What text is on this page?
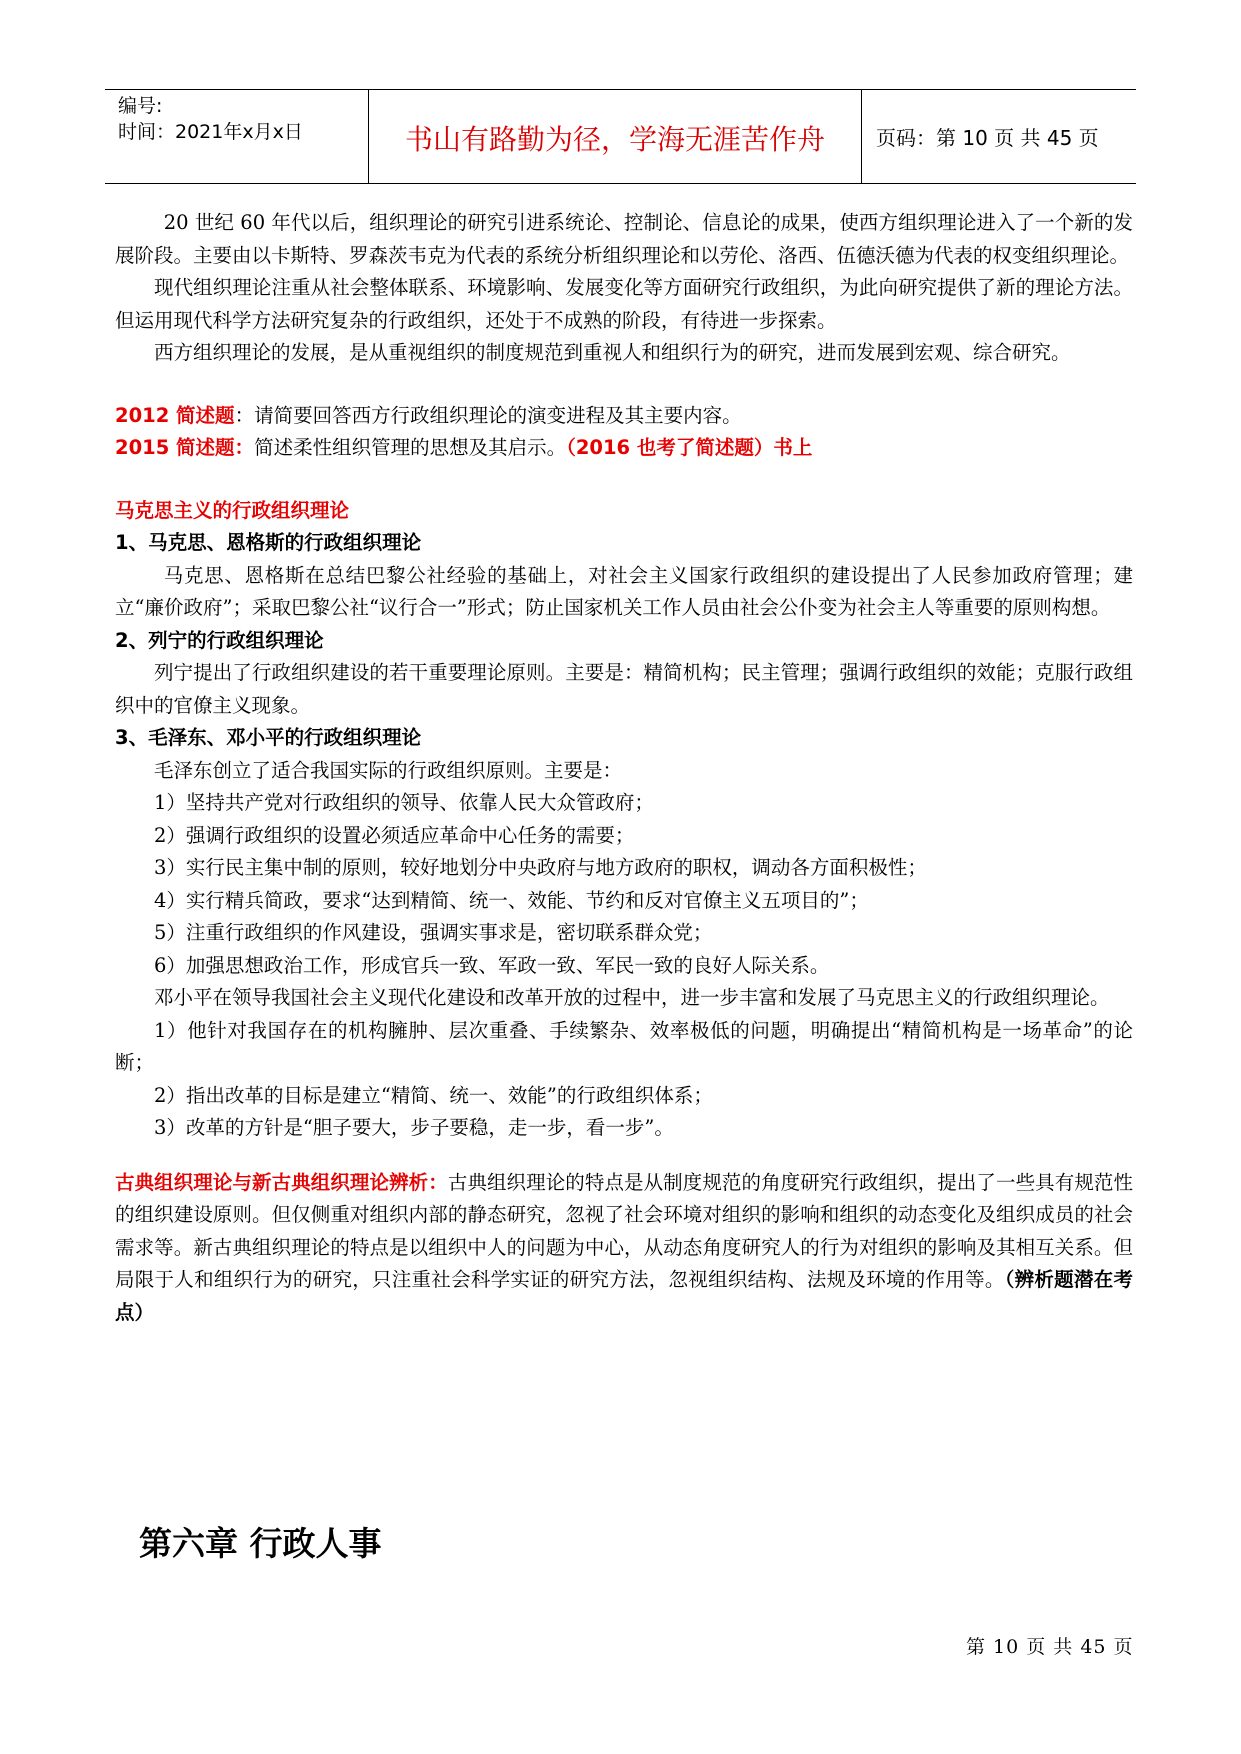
编号:
时间：2021年x月x日	书山有路勤为径，学海无涯苦作舟	页码：第 10 页 共 45 页

20 世纪 60 年代以后，组织理论的研究引进系统论、控制论、信息论的成果，使西方组织理论进入了一个新的发展阶段。主要由以卡斯特、罗森茨韦克为代表的系统分析组织理论和以劳伦、洛西、伍德沃德为代表的权变组织理论。

现代组织理论注重从社会整体联系、环境影响、发展变化等方面研究行政组织，为此向研究提供了新的理论方法。但运用现代科学方法研究复杂的行政组织，还处于不成熟的阶段，有待进一步探索。

西方组织理论的发展，是从重视组织的制度规范到重视人和组织行为的研究，进而发展到宏观、综合研究。

2012 简述题：请简要回答西方行政组织理论的演变进程及其主要内容。

2015 简述题：简述柔性组织管理的思想及其启示。（2016 也考了简述题）书上

马克思主义的行政组织理论

1、马克思、恩格斯的行政组织理论

马克思、恩格斯在总结巴黎公社经验的基础上，对社会主义国家行政组织的建设提出了人民参加政府管理；建立“廉价政府”；采取巴黎公社“议行合一”形式；防止国家机关工作人员由社会公仆变为社会主人等重要的原则构想。

2、列宁的行政组织理论

列宁提出了行政组织建设的若干重要理论原则。主要是：精简机构；民主管理；强调行政组织的效能；克服行政组织中的官僚主义现象。

3、毛泽东、邓小平的行政组织理论

毛泽东创立了适合我国实际的行政组织原则。主要是：

1）坚持共产党对行政组织的领导、依靠人民大众管政府；

2）强调行政组织的设置必须适应革命中心任务的需要；

3）实行民主集中制的原则，较好地划分中央政府与地方政府的职权，调动各方面积极性；

4）实行精兵简政，要求“达到精简、统一、效能、节约和反对官僚主义五项目的”；

5）注重行政组织的作风建设，强调实事求是，密切联系群众党；

6）加强思想政治工作，形成官兵一致、军政一致、军民一致的良好人际关系。

邓小平在领导我国社会主义现代化建设和改革开放的过程中，进一步丰富和发展了马克思主义的行政组织理论。

1）他针对我国存在的机构臃肿、层次重叠、手续繁杂、效率极低的问题，明确提出“精简机构是一场革命”的论断；

2）指出改革的目标是建立“精简、统一、效能”的行政组织体系；

3）改革的方针是“胆子要大，步子要稳，走一步，看一步”。

古典组织理论与新古典组织理论辨析：古典组织理论的特点是从制度规范的角度研究行政组织，提出了一些具有规范性的组织建设原则。但仅侧重对组织内部的静态研究，忽视了社会环境对组织的影响和组织的动态变化及组织成员的社会需求等。新古典组织理论的特点是以组织中人的问题为中心，从动态角度研究人的行为对组织的影响及其相互关系。但局限于人和组织行为的研究，只注重社会科学实证的研究方法，忽视组织结构、法规及环境的作用等。（辨析题潜在考点）

第六章 行政人事
第 10 页 共 45 页
